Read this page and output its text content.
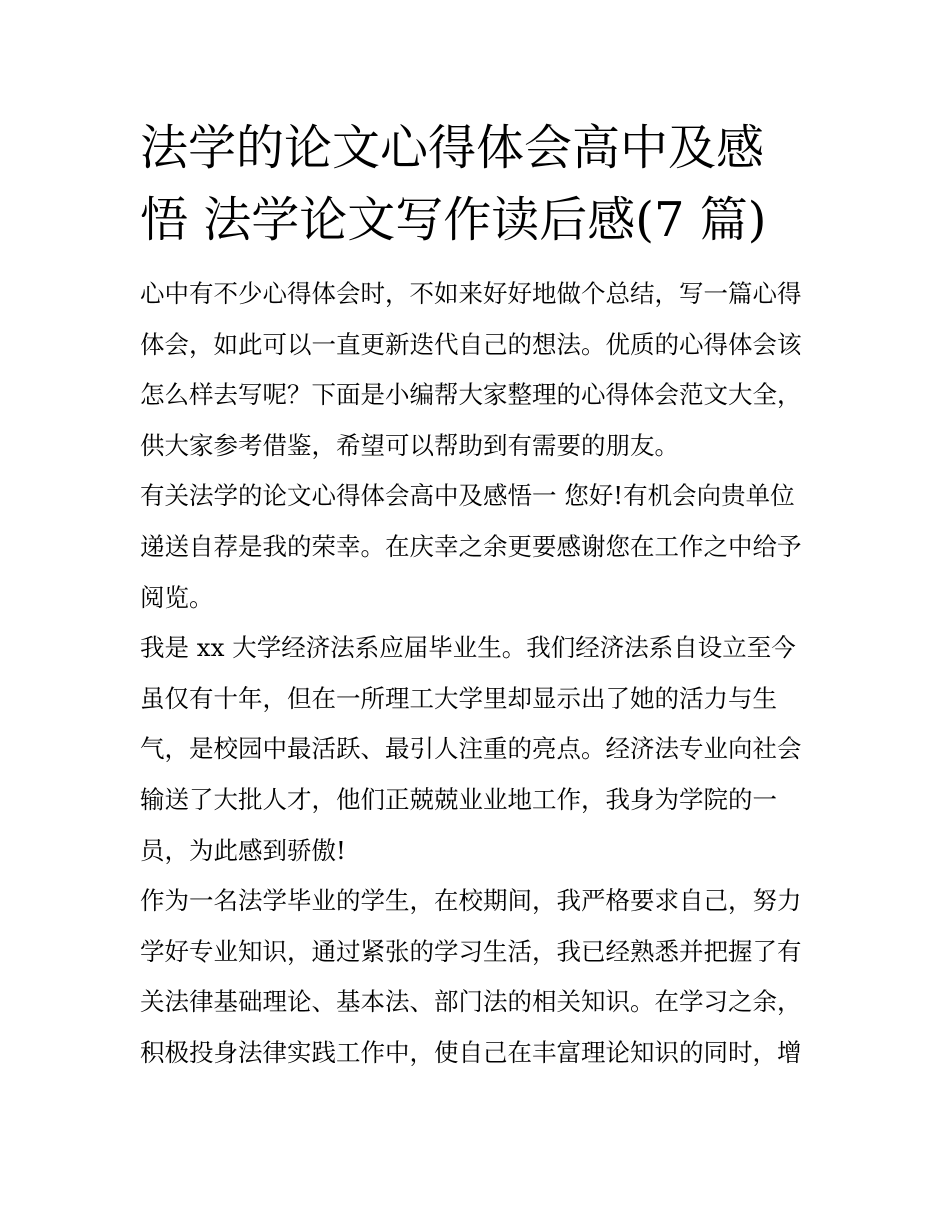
法学的论文心得体会高中及感
悟 法学论文写作读后感(7 篇)
心中有不少心得体会时，不如来好好地做个总结，写一篇心得
体会，如此可以一直更新迭代自己的想法。优质的心得体会该
怎么样去写呢？下面是小编帮大家整理的心得体会范文大全，
供大家参考借鉴，希望可以帮助到有需要的朋友。
有关法学的论文心得体会高中及感悟一 您好!有机会向贵单位
递送自荐是我的荣幸。在庆幸之余更要感谢您在工作之中给予
阅览。
我是 xx 大学经济法系应届毕业生。我们经济法系自设立至今
虽仅有十年，但在一所理工大学里却显示出了她的活力与生
气，是校园中最活跃、最引人注重的亮点。经济法专业向社会
输送了大批人才，他们正兢兢业业地工作，我身为学院的一
员，为此感到骄傲!
作为一名法学毕业的学生，在校期间，我严格要求自己，努力
学好专业知识，通过紧张的学习生活，我已经熟悉并把握了有
关法律基础理论、基本法、部门法的相关知识。在学习之余，
积极投身法律实践工作中，使自己在丰富理论知识的同时，增
